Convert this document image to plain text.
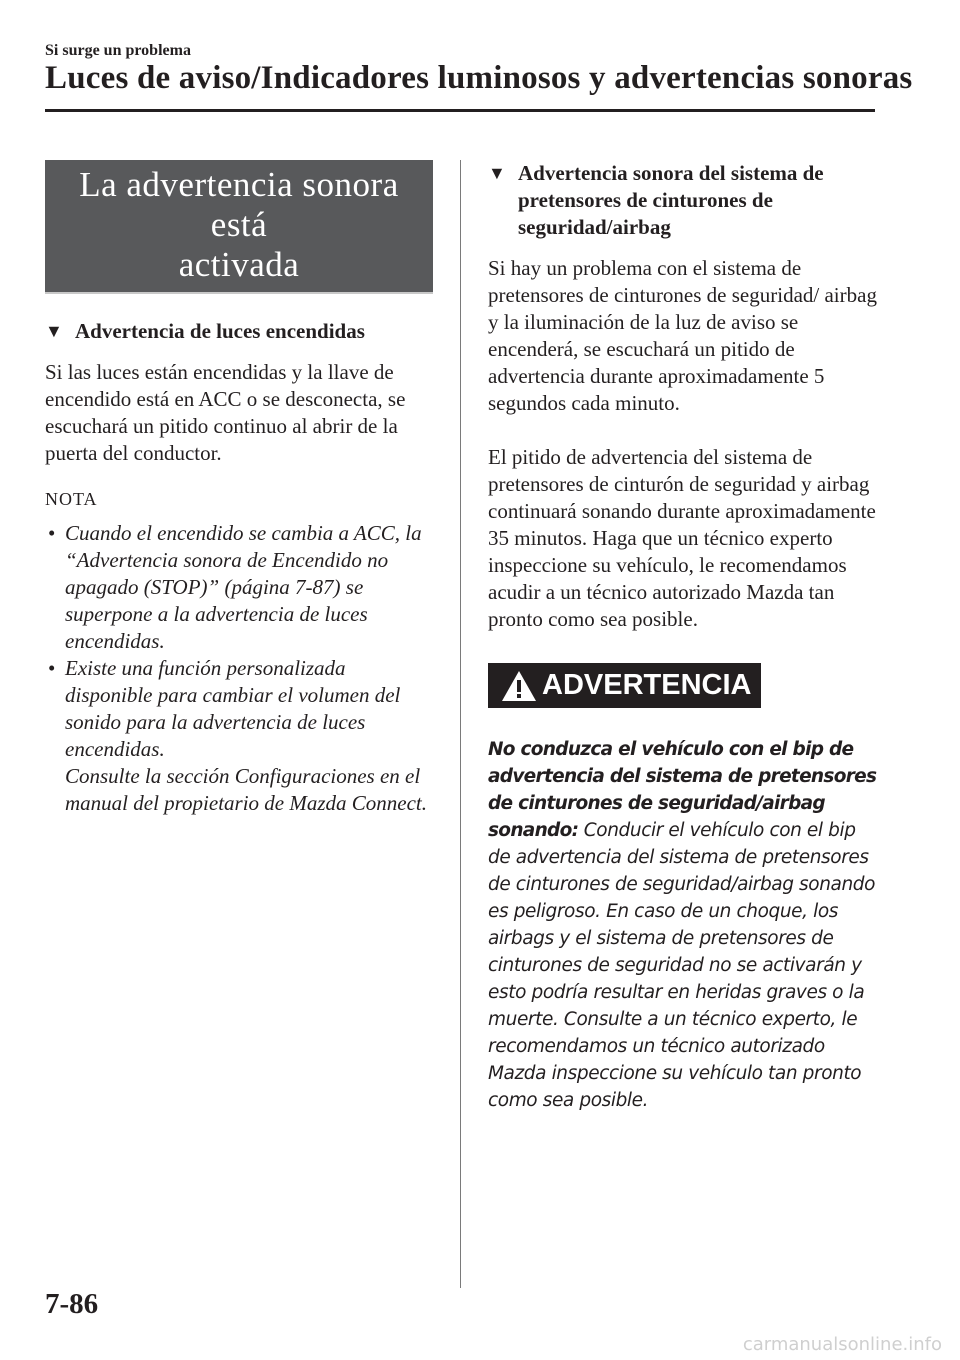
Si surge un problema
Luces de aviso/Indicadores luminosos y advertencias sonoras
La advertencia sonora está
activada
▼ Advertencia de luces encendidas

Si las luces están encendidas y la llave de encendido está en ACC o se desconecta, se escuchará un pitido continuo al abrir de la puerta del conductor.

NOTA
• Cuando el encendido se cambia a ACC, la “Advertencia sonora de Encendido no apagado (STOP)” (página 7-87) se superpone a la advertencia de luces encendidas.
• Existe una función personalizada disponible para cambiar el volumen del sonido para la advertencia de luces encendidas.
Consulte la sección Configuraciones en el manual del propietario de Mazda Connect.
▼ Advertencia sonora del sistema de pretensores de cinturones de seguridad/airbag

Si hay un problema con el sistema de pretensores de cinturones de seguridad/ airbag y la iluminación de la luz de aviso se encenderá, se escuchará un pitido de advertencia durante aproximadamente 5 segundos cada minuto.

El pitido de advertencia del sistema de pretensores de cinturón de seguridad y airbag continuará sonando durante aproximadamente 35 minutos. Haga que un técnico experto inspeccione su vehículo, le recomendamos acudir a un técnico autorizado Mazda tan pronto como sea posible.

ADVERTENCIA

No conduzca el vehículo con el bip de advertencia del sistema de pretensores de cinturones de seguridad/airbag sonando: Conducir el vehículo con el bip de advertencia del sistema de pretensores de cinturones de seguridad/airbag sonando es peligroso. En caso de un choque, los airbags y el sistema de pretensores de cinturones de seguridad no se activarán y esto podría resultar en heridas graves o la muerte. Consulte a un técnico experto, le recomendamos un técnico autorizado Mazda inspeccione su vehículo tan pronto como sea posible.

7-86
carmanualsonline.info
